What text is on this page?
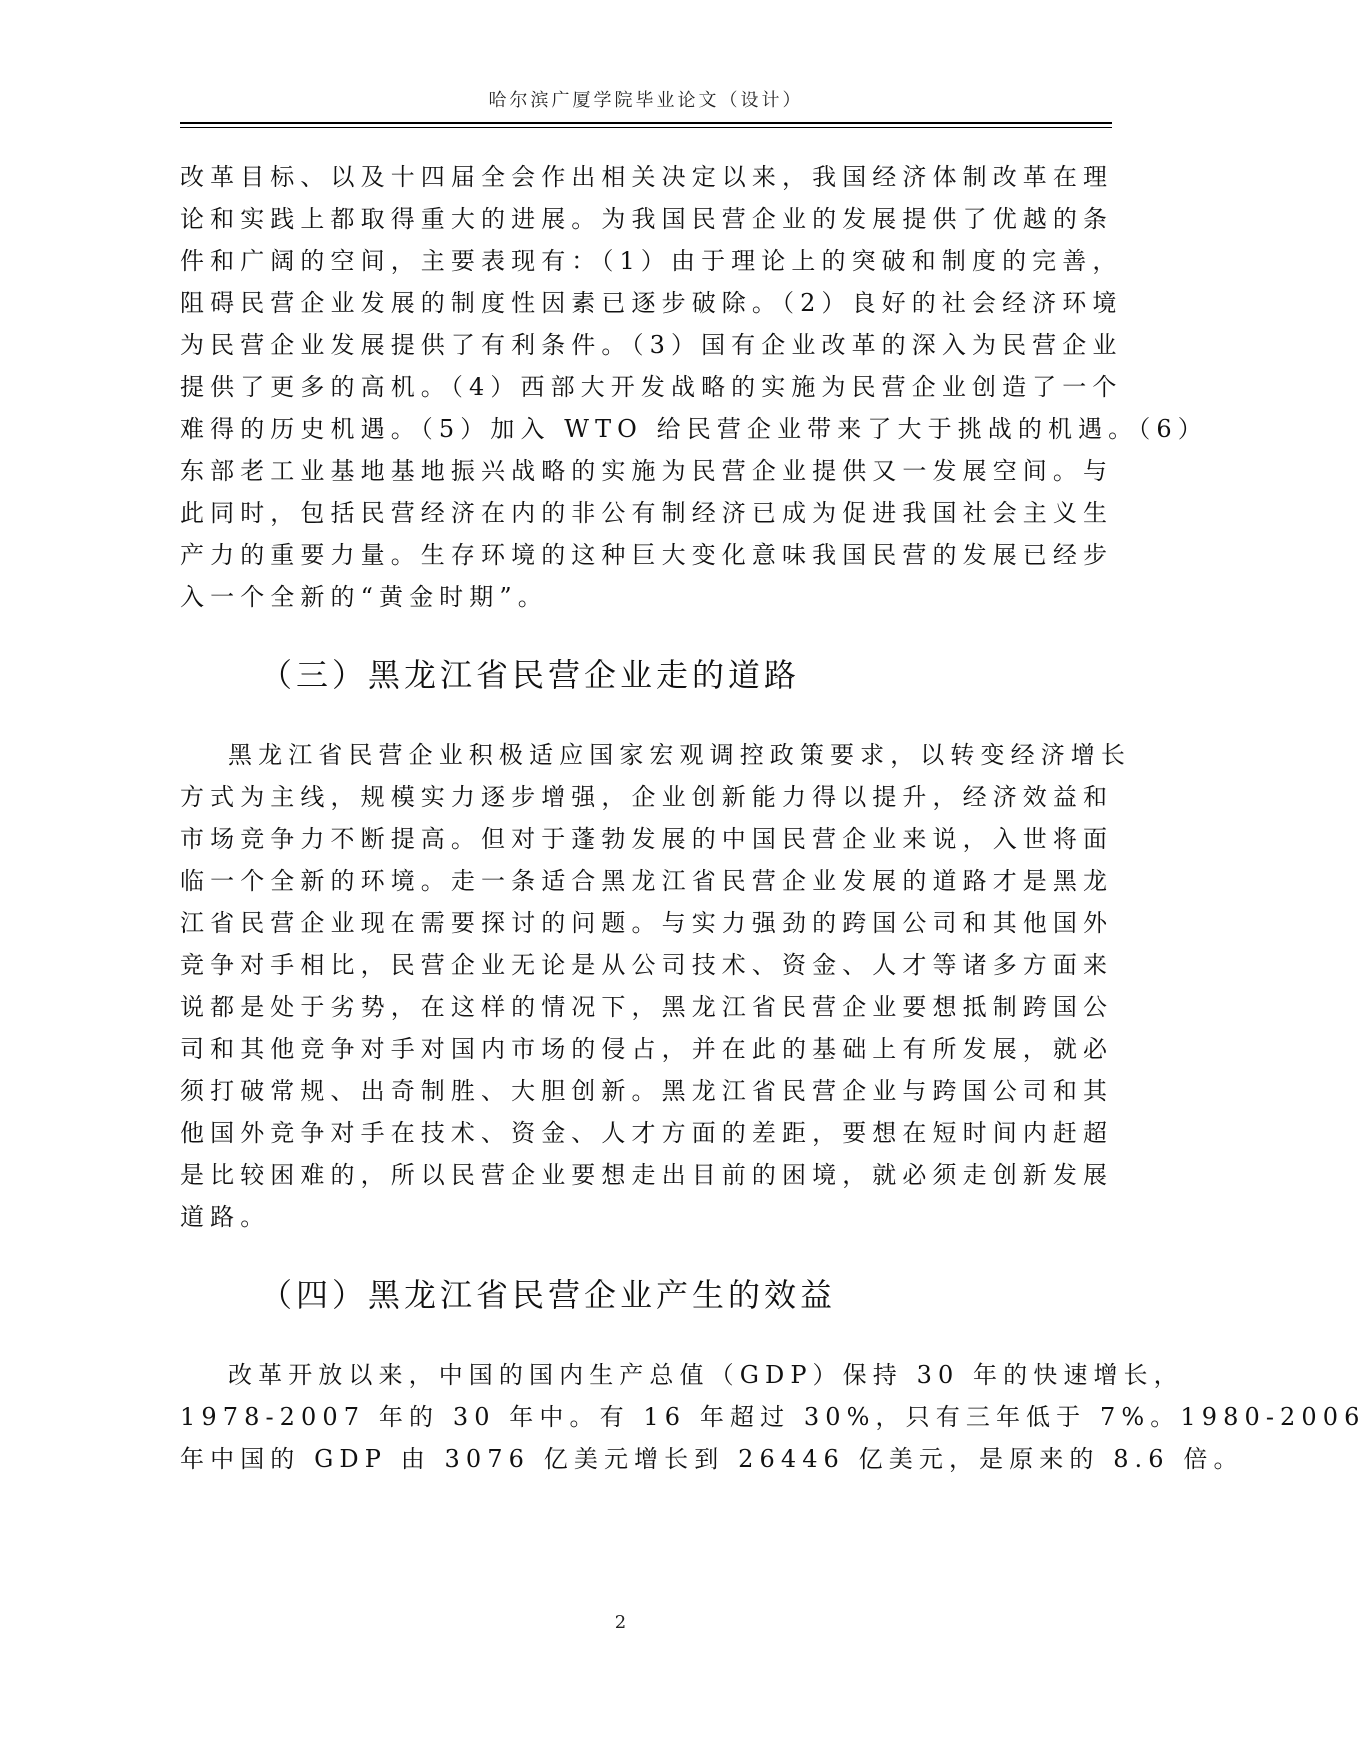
哈尔滨广厦学院毕业论文（设计）
改革目标、以及十四届全会作出相关决定以来，我国经济体制改革在理
论和实践上都取得重大的进展。为我国民营企业的发展提供了优越的条
件和广阔的空间，主要表现有：（1）由于理论上的突破和制度的完善，
阻碍民营企业发展的制度性因素已逐步破除。（2）良好的社会经济环境
为民营企业发展提供了有利条件。（3）国有企业改革的深入为民营企业
提供了更多的高机。（4）西部大开发战略的实施为民营企业创造了一个
难得的历史机遇。（5）加入 WTO 给民营企业带来了大于挑战的机遇。（6）
东部老工业基地基地振兴战略的实施为民营企业提供又一发展空间。与
此同时，包括民营经济在内的非公有制经济已成为促进我国社会主义生
产力的重要力量。生存环境的这种巨大变化意味我国民营的发展已经步
入一个全新的“黄金时期”。
（三）黑龙江省民营企业走的道路
黑龙江省民营企业积极适应国家宏观调控政策要求，以转变经济增长
方式为主线，规模实力逐步增强，企业创新能力得以提升，经济效益和
市场竞争力不断提高。但对于蓬勃发展的中国民营企业来说，入世将面
临一个全新的环境。走一条适合黑龙江省民营企业发展的道路才是黑龙
江省民营企业现在需要探讨的问题。与实力强劲的跨国公司和其他国外
竞争对手相比，民营企业无论是从公司技术、资金、人才等诸多方面来
说都是处于劣势，在这样的情况下，黑龙江省民营企业要想抵制跨国公
司和其他竞争对手对国内市场的侵占，并在此的基础上有所发展，就必
须打破常规、出奇制胜、大胆创新。黑龙江省民营企业与跨国公司和其
他国外竞争对手在技术、资金、人才方面的差距，要想在短时间内赶超
是比较困难的，所以民营企业要想走出目前的困境，就必须走创新发展
道路。
（四）黑龙江省民营企业产生的效益
改革开放以来，中国的国内生产总值（GDP）保持 30 年的快速增长，
1978-2007 年的 30 年中。有 16 年超过 30%，只有三年低于 7%。1980-2006
年中国的 GDP 由 3076 亿美元增长到 26446 亿美元，是原来的 8.6 倍。
2
